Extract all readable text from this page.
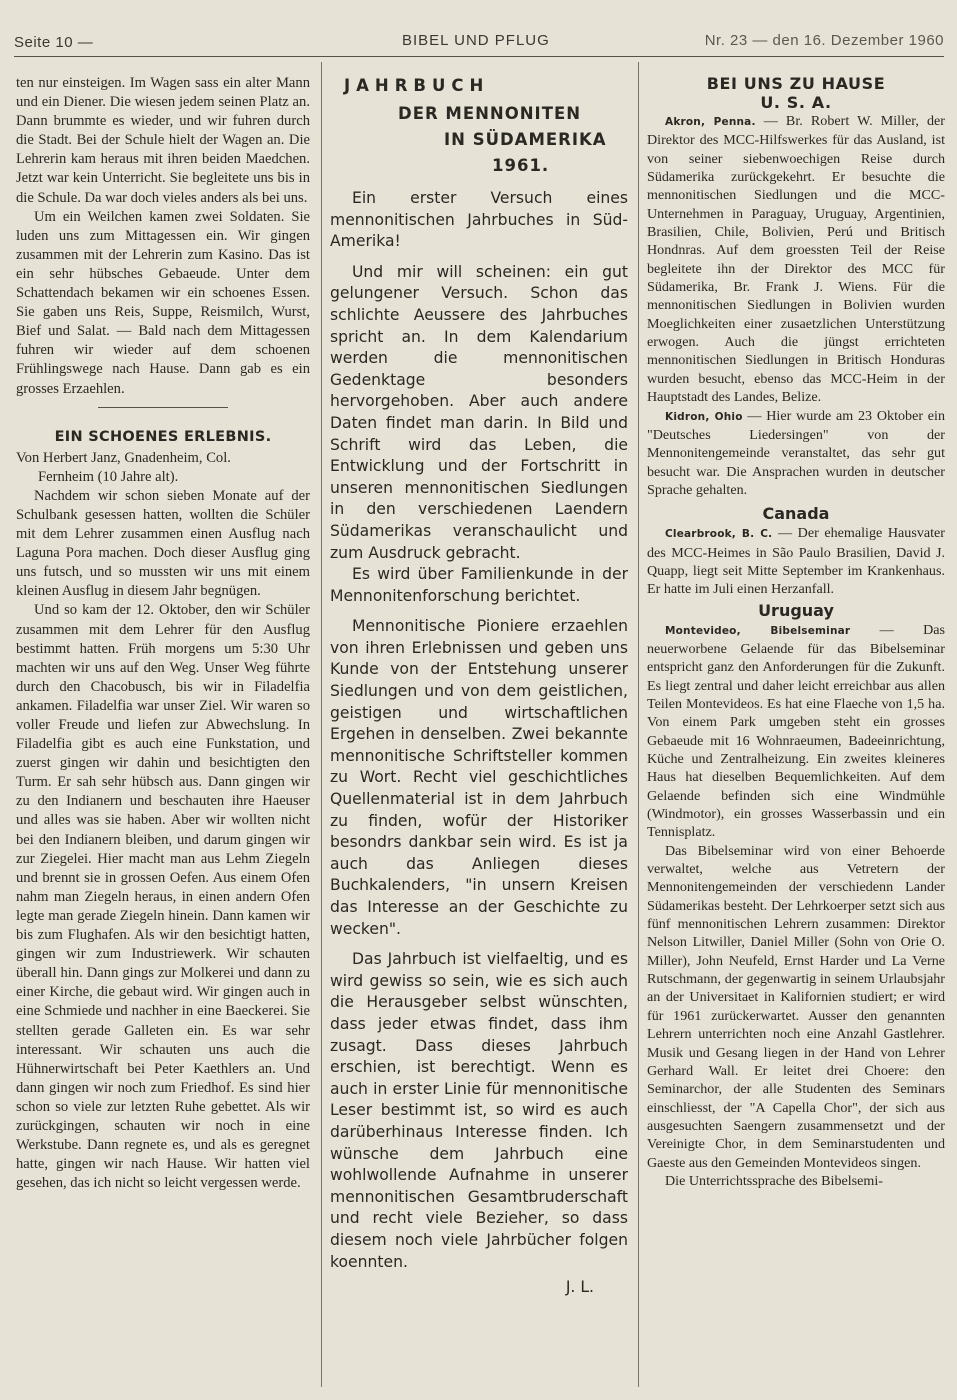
Seite 10 —	BIBEL UND PFLUG	Nr. 23 — den 16. Dezember 1960

ten nur einsteigen. Im Wagen sass ein alter Mann und ein Diener. Die wiesen jedem seinen Platz an. Dann brummte es wieder, und wir fuhren durch die Stadt. Bei der Schule hielt der Wagen an. Die Lehrerin kam heraus mit ihren beiden Maedchen. Jetzt war kein Unterricht. Sie begleitete uns bis in die Schule. Da war doch vieles anders als bei uns.

Um ein Weilchen kamen zwei Soldaten. Sie luden uns zum Mittagessen ein. Wir gingen zusammen mit der Lehrerin zum Kasino. Das ist ein sehr hübsches Gebaeude. Unter dem Schattendach bekamen wir ein schoenes Essen. Sie gaben uns Reis, Suppe, Reismilch, Wurst, Bief und Salat. — Bald nach dem Mittagessen fuhren wir wieder auf dem schoenen Frühlingswege nach Hause. Dann gab es ein grosses Erzaehlen.

EIN SCHOENES ERLEBNIS.

Von Herbert Janz, Gnadenheim, Col.

Fernheim (10 Jahre alt).

Nachdem wir schon sieben Monate auf der Schulbank gesessen hatten, wollten die Schüler mit dem Lehrer zusammen einen Ausflug nach Laguna Pora machen. Doch dieser Ausflug ging uns futsch, und so mussten wir uns mit einem kleinen Ausflug in diesem Jahr begnügen.

Und so kam der 12. Oktober, den wir Schüler zusammen mit dem Lehrer für den Ausflug bestimmt hatten. Früh morgens um 5:30 Uhr machten wir uns auf den Weg. Unser Weg führte durch den Chacobusch, bis wir in Filadelfia ankamen. Filadelfia war unser Ziel. Wir waren so voller Freude und liefen zur Abwechslung. In Filadelfia gibt es auch eine Funkstation, und zuerst gingen wir dahin und besichtigten den Turm. Er sah sehr hübsch aus. Dann gingen wir zu den Indianern und beschauten ihre Haeuser und alles was sie haben. Aber wir wollten nicht bei den Indianern bleiben, und darum gingen wir zur Ziegelei. Hier macht man aus Lehm Ziegeln und brennt sie in grossen Oefen. Aus einem Ofen nahm man Ziegeln heraus, in einen andern Ofen legte man gerade Ziegeln hinein. Dann kamen wir bis zum Flughafen. Als wir den besichtigt hatten, gingen wir zum Industriewerk. Wir schauten überall hin. Dann gings zur Molkerei und dann zu einer Kirche, die gebaut wird. Wir gingen auch in eine Schmiede und nachher in eine Baeckerei. Sie stellten gerade Galleten ein. Es war sehr interessant. Wir schauten uns auch die Hühnerwirtschaft bei Peter Kaethlers an. Und dann gingen wir noch zum Friedhof. Es sind hier schon so viele zur letzten Ruhe gebettet. Als wir zurückgingen, schauten wir noch in eine Werkstube. Dann regnete es, und als es geregnet hatte, gingen wir nach Hause. Wir hatten viel gesehen, das ich nicht so leicht vergessen werde.

JAHRBUCH
DER MENNONITEN
IN SÜDAMERIKA
1961.

Ein erster Versuch eines mennonitischen Jahrbuches in Süd-Amerika!

Und mir will scheinen: ein gut gelungener Versuch. Schon das schlichte Aeussere des Jahrbuches spricht an. In dem Kalendarium werden die mennonitischen Gedenktage besonders hervorgehoben. Aber auch andere Daten findet man darin. In Bild und Schrift wird das Leben, die Entwicklung und der Fortschritt in unseren mennonitischen Siedlungen in den verschiedenen Laendern Südamerikas veranschaulicht und zum Ausdruck gebracht.

Es wird über Familienkunde in der Mennonitenforschung berichtet.

Mennonitische Pioniere erzaehlen von ihren Erlebnissen und geben uns Kunde von der Entstehung unserer Siedlungen und von dem geistlichen, geistigen und wirtschaftlichen Ergehen in denselben. Zwei bekannte mennonitische Schriftsteller kommen zu Wort. Recht viel geschichtliches Quellenmaterial ist in dem Jahrbuch zu finden, wofür der Historiker besondrs dankbar sein wird. Es ist ja auch das Anliegen dieses Buchkalenders, "in unsern Kreisen das Interesse an der Geschichte zu wecken".

Das Jahrbuch ist vielfaeltig, und es wird gewiss so sein, wie es sich auch die Herausgeber selbst wünschten, dass jeder etwas findet, dass ihm zusagt. Dass dieses Jahrbuch erschien, ist berechtigt. Wenn es auch in erster Linie für mennonitische Leser bestimmt ist, so wird es auch darüberhinaus Interesse finden. Ich wünsche dem Jahrbuch eine wohlwollende Aufnahme in unserer mennonitischen Gesamtbruderschaft und recht viele Bezieher, so dass diesem noch viele Jahrbücher folgen koennten.

J. L.

BEI UNS ZU HAUSE
U. S. A.

Akron, Penna. — Br. Robert W. Miller, der Direktor des MCC-Hilfswerkes für das Ausland, ist von seiner siebenwoechigen Reise durch Südamerika zurückgekehrt. Er besuchte die mennonitischen Siedlungen und die MCC-Unternehmen in Paraguay, Uruguay, Argentinien, Brasilien, Chile, Bolivien, Perú und Britisch Hondnras. Auf dem groessten Teil der Reise begleitete ihn der Direktor des MCC für Südamerika, Br. Frank J. Wiens. Für die mennonitischen Siedlungen in Bolivien wurden Moeglichkeiten einer zusaetzlichen Unterstützung erwogen. Auch die jüngst errichteten mennonitischen Siedlungen in Britisch Honduras wurden besucht, ebenso das MCC-Heim in der Hauptstadt des Landes, Belize.

Kidron, Ohio — Hier wurde am 23 Oktober ein "Deutsches Liedersingen" von der Mennonitengemeinde veranstaltet, das sehr gut besucht war. Die Ansprachen wurden in deutscher Sprache gehalten.

Canada

Clearbrook, B. C. — Der ehemalige Hausvater des MCC-Heimes in São Paulo Brasilien, David J. Quapp, liegt seit Mitte September im Krankenhaus. Er hatte im Juli einen Herzanfall.

Uruguay

Montevideo, Bibelseminar — Das neuerworbene Gelaende für das Bibelseminar entspricht ganz den Anforderungen für die Zukunft. Es liegt zentral und daher leicht erreichbar aus allen Teilen Montevideos. Es hat eine Flaeche von 1,5 ha. Von einem Park umgeben steht ein grosses Gebaeude mit 16 Wohnraeumen, Badeeinrichtung, Küche und Zentralheizung. Ein zweites kleineres Haus hat dieselben Bequemlichkeiten. Auf dem Gelaende befinden sich eine Windmühle (Windmotor), ein grosses Wasserbassin und ein Tennisplatz.

Das Bibelseminar wird von einer Behoerde verwaltet, welche aus Vetretern der Mennonitengemeinden der verschiedenn Lander Südamerikas besteht. Der Lehrkoerper setzt sich aus fünf mennonitischen Lehrern zusammen: Direktor Nelson Litwiller, Daniel Miller (Sohn von Orie O. Miller), John Neufeld, Ernst Harder und La Verne Rutschmann, der gegenwartig in seinem Urlaubsjahr an der Universitaet in Kalifornien studiert; er wird für 1961 zurückerwartet. Ausser den genannten Lehrern unterrichten noch eine Anzahl Gastlehrer. Musik und Gesang liegen in der Hand von Lehrer Gerhard Wall. Er leitet drei Choere: den Seminarchor, der alle Studenten des Seminars einschliesst, der "A Capella Chor", der sich aus ausgesuchten Saengern zusammensetzt und der Vereinigte Chor, in dem Seminarstudenten und Gaeste aus den Gemeinden Montevideos singen.

Die Unterrichtssprache des Bibelsemi-
